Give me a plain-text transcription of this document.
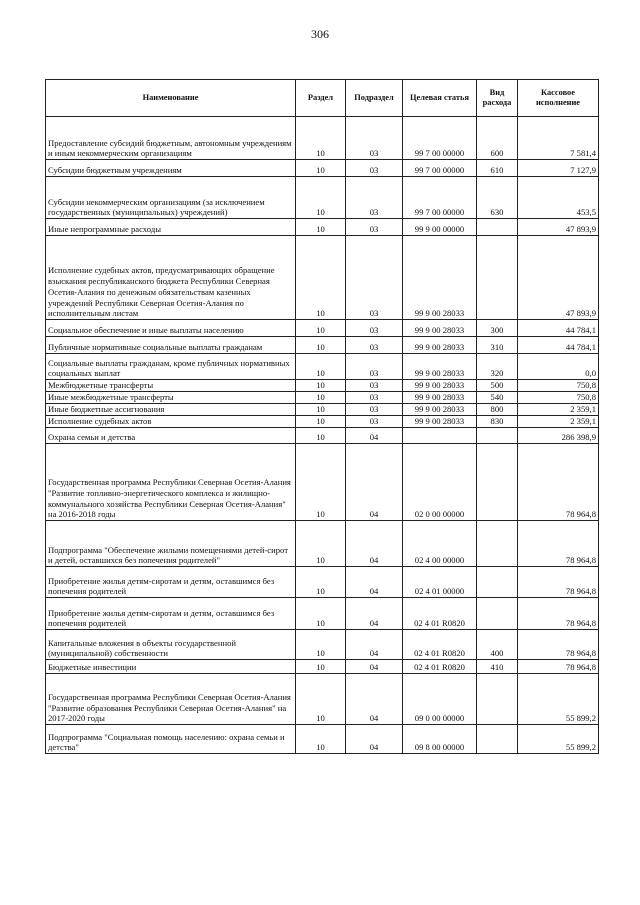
306
Наименование	Раздел	Подраздел	Целевая статья	Вид расхода	Кассовое исполнение
Предоставление субсидий бюджетным, автономным учреждениям и иным некоммерческим организациям	10	03	99 7 00 00000	600	7 581,4
Субсидии бюджетным учреждениям	10	03	99 7 00 00000	610	7 127,9
Субсидии некоммерческим организациям (за исключением государственных (муниципальных) учреждений)	10	03	99 7 00 00000	630	453,5
Иные непрограммные расходы	10	03	99 9 00 00000		47 893,9
Исполнение судебных актов, предусматривающих обращение взыскания республиканского бюджета Республики Северная Осетия-Алания по денежным обязательствам казенных учреждений Республики Северная Осетия-Алания по исполнительным листам	10	03	99 9 00 28033		47 893,9
Социальное обеспечение и иные выплаты населению	10	03	99 9 00 28033	300	44 784,1
Публичные нормативные социальные выплаты гражданам	10	03	99 9 00 28033	310	44 784,1
Социальные выплаты гражданам, кроме публичных нормативных социальных выплат	10	03	99 9 00 28033	320	0,0
Межбюджетные трансферты	10	03	99 9 00 28033	500	750,8
Иные межбюджетные трансферты	10	03	99 9 00 28033	540	750,8
Иные бюджетные ассигнования	10	03	99 9 00 28033	800	2 359,1
Исполнение судебных актов	10	03	99 9 00 28033	830	2 359,1
Охрана семьи и детства	10	04			286 398,9
Государственная программа Республики Северная Осетия-Алания "Развитие топливно-энергетического комплекса и жилищно-коммунального хозяйства Республики Северная Осетия-Алания" на 2016-2018 годы	10	04	02 0 00 00000		78 964,8
Подпрограмма "Обеспечение жилыми помещениями детей-сирот и детей, оставшихся без попечения родителей"	10	04	02 4 00 00000		78 964,8
Приобретение жилья детям-сиротам и детям, оставшимся без попечения родителей	10	04	02 4 01 00000		78 964,8
Приобретение жилья детям-сиротам и детям, оставшимся без попечения родителей	10	04	02 4 01 R0820		78 964,8
Капитальные вложения в объекты государственной (муниципальной) собственности	10	04	02 4 01 R0820	400	78 964,8
Бюджетные инвестиции	10	04	02 4 01 R0820	410	78 964,8
Государственная программа Республики Северная Осетия-Алания "Развитие образования Республики Северная Осетия-Алания" на 2017-2020 годы	10	04	09 0 00 00000		55 899,2
Подпрограмма "Социальная помощь населению: охрана семьи и детства"	10	04	09 8 00 00000		55 899,2
